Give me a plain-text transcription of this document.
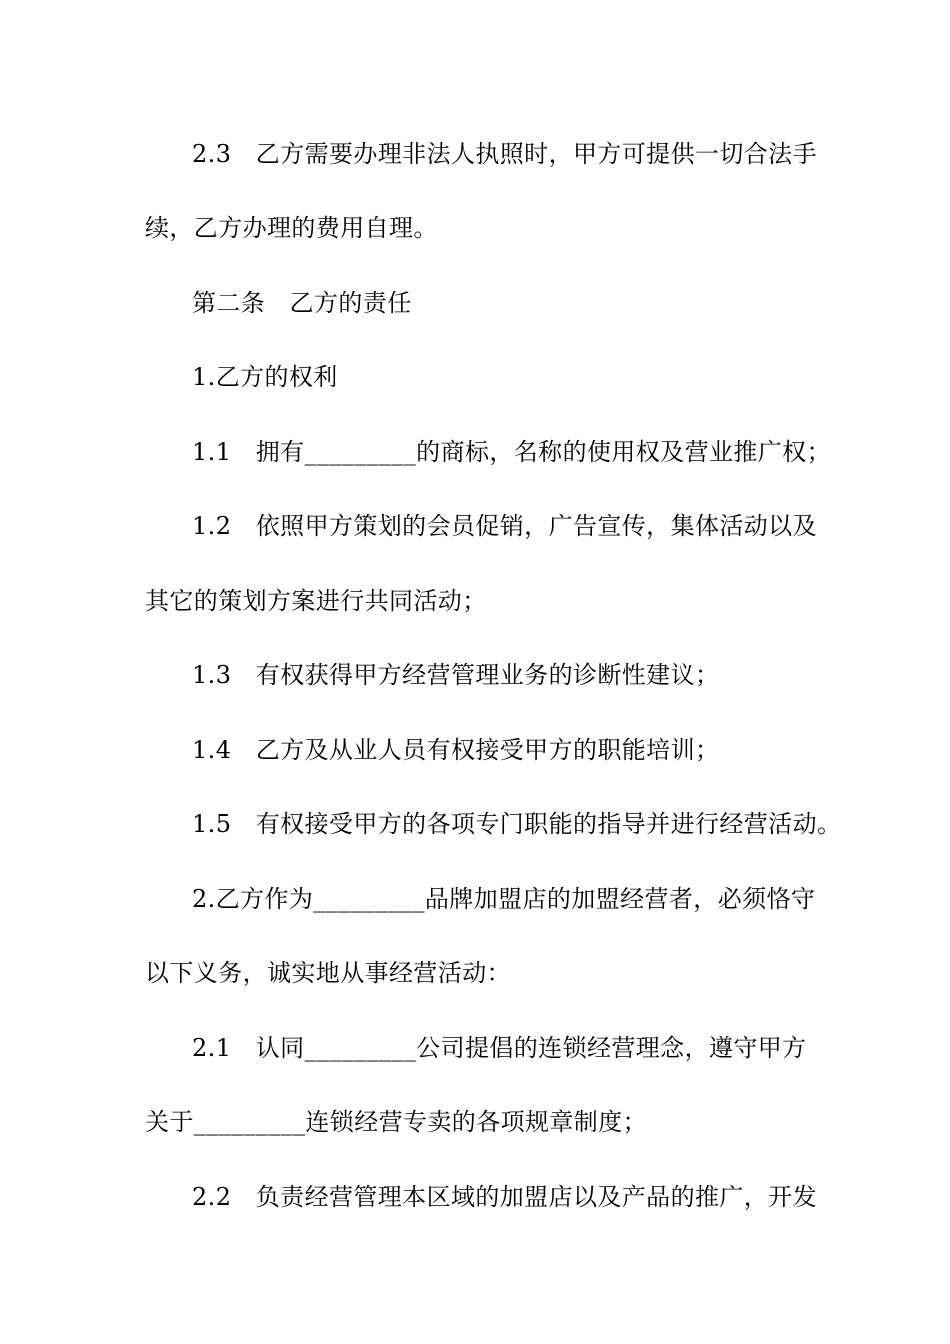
2.3　乙方需要办理非法人执照时，甲方可提供一切合法手
续，乙方办理的费用自理。
第二条　乙方的责任
1.乙方的权利
1.1　拥有_________的商标，名称的使用权及营业推广权；
1.2　依照甲方策划的会员促销，广告宣传，集体活动以及
其它的策划方案进行共同活动；
1.3　有权获得甲方经营管理业务的诊断性建议；
1.4　乙方及从业人员有权接受甲方的职能培训；
1.5　有权接受甲方的各项专门职能的指导并进行经营活动。
2.乙方作为_________品牌加盟店的加盟经营者，必须恪守
以下义务，诚实地从事经营活动：
2.1　认同_________公司提倡的连锁经营理念，遵守甲方
关于_________连锁经营专卖的各项规章制度；
2.2　负责经营管理本区域的加盟店以及产品的推广，开发
